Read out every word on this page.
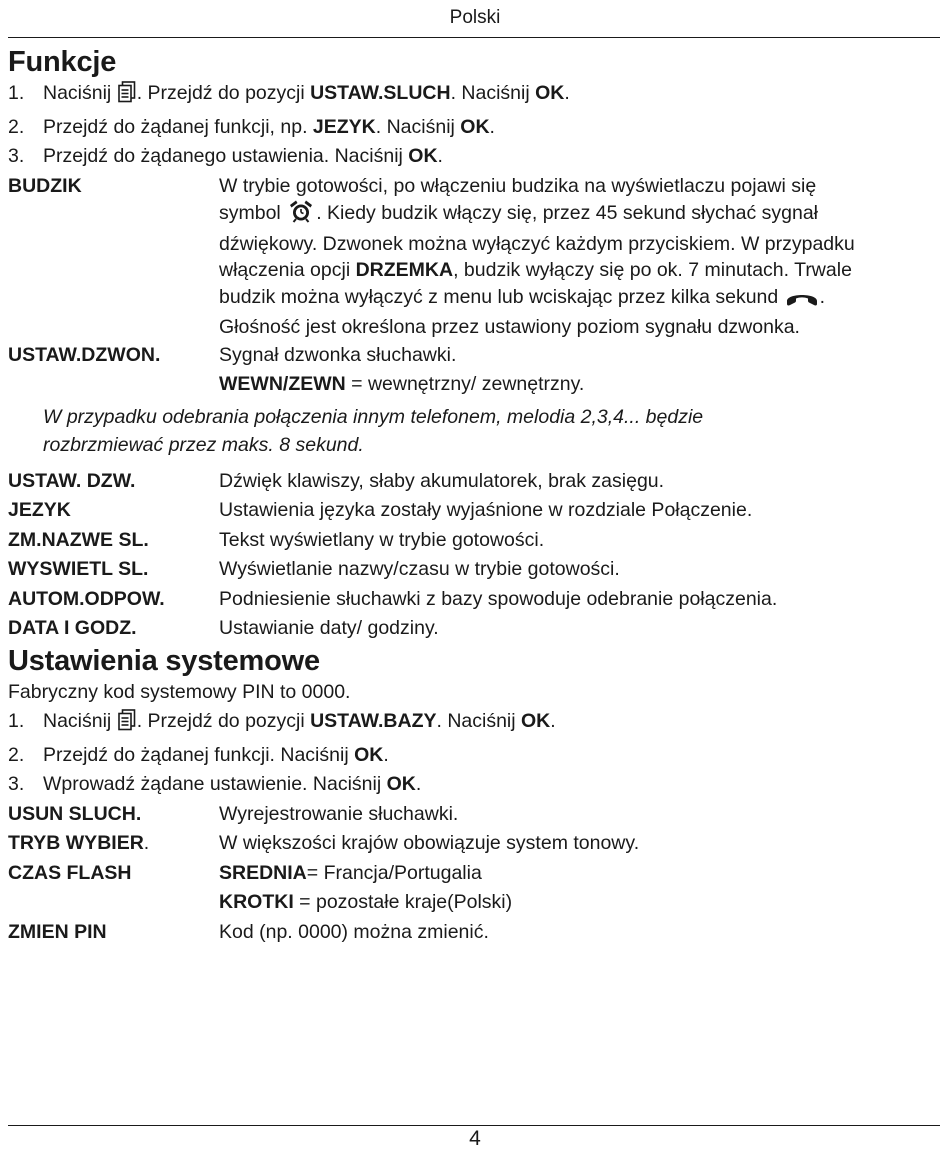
Polski
Funkcje
1. Naciśnij . Przejdź do pozycji USTAW.SLUCH. Naciśnij OK.
2. Przejdź do żądanej funkcji, np. JEZYK. Naciśnij OK.
3. Przejdź do żądanego ustawienia. Naciśnij OK.
BUDZIK	W trybie gotowości, po włączeniu budzika na wyświetlaczu pojawi się
symbol . Kiedy budzik włączy się, przez 45 sekund słychać sygnał
dźwiękowy. Dzwonek można wyłączyć każdym przyciskiem. W przypadku
włączenia opcji DRZEMKA, budzik wyłączy się po ok. 7 minutach. Trwale
budzik można wyłączyć z menu lub wciskając przez kilka sekund .
Głośność jest określona przez ustawiony poziom sygnału dzwonka.
USTAW.DZWON.	Sygnał dzwonka słuchawki.
WEWN/ZEWN = wewnętrzny/ zewnętrzny.
W przypadku odebrania połączenia innym telefonem, melodia 2,3,4... będzie
rozbrzmiewać przez maks. 8 sekund.
USTAW. DZW.	Dźwięk klawiszy, słaby akumulatorek, brak zasięgu.
JEZYK	Ustawienia języka zostały wyjaśnione w rozdziale Połączenie.
ZM.NAZWE SL.	Tekst wyświetlany w trybie gotowości.
WYSWIETL SL.	Wyświetlanie nazwy/czasu w trybie gotowości.
AUTOM.ODPOW.	Podniesienie słuchawki z bazy spowoduje odebranie połączenia.
DATA I GODZ.	Ustawianie daty/ godziny.
Ustawienia systemowe
Fabryczny kod systemowy PIN to 0000.
1. Naciśnij . Przejdź do pozycji USTAW.BAZY. Naciśnij OK.
2. Przejdź do żądanej funkcji. Naciśnij OK.
3. Wprowadź żądane ustawienie. Naciśnij OK.
USUN SLUCH.	Wyrejestrowanie słuchawki.
TRYB WYBIER.	W większości krajów obowiązuje system tonowy.
CZAS FLASH	SREDNIA= Francja/Portugalia
KROTKI = pozostałe kraje(Polski)
ZMIEN PIN	Kod (np. 0000) można zmienić.
4
